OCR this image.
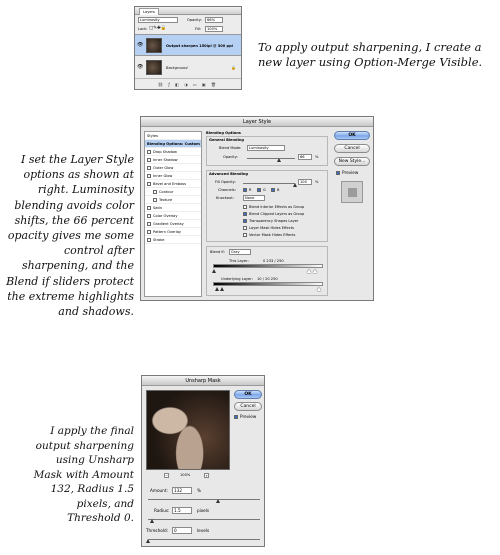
Layers
Luminosity	Opacity:	66%
Lock: ▢✎✚🔒	Fill:	100%
👁	Output sharpen 150lpi @ 300 ppi
👁	Background	🔒
⛓ ƒ ◧ ◑ ▭ ▣ 🗑
To apply output sharpening, I create a new layer using Option-Merge Visible.
I set the Layer Style options as shown at right. Luminosity blending avoids color shifts, the 66 percent opacity gives me some control after sharpening, and the Blend if sliders protect the extreme highlights and shadows.
Layer Style
Styles
Blending Options: Custom
Drop Shadow
Inner Shadow
Outer Glow
Inner Glow
Bevel and Emboss
Contour
Texture
Satin
Color Overlay
Gradient Overlay
Pattern Overlay
Stroke
Blending Options
General Blending
Blend Mode:	Luminosity
Opacity:	66	%
Advanced Blending
Fill Opacity:	100	%
Channels:	R	G	B
Knockout:	None
Blend Interior Effects as Group
Blend Clipped Layers as Group
Transparency Shapes Layer
Layer Mask Hides Effects
Vector Mask Hides Effects
Blend If:	Gray
This Layer:	0 233 / 250
Underlying Layer: 10 / 20 250
OK
Cancel
New Style...
Preview
I apply the final output sharpening using Unsharp Mask with Amount 132, Radius 1.5 pixels, and Threshold 0.
Unsharp Mask
−	100%	+
OK
Cancel
Preview
Amount:	132	%
Radius:	1.5	pixels
Threshold:	0	levels
